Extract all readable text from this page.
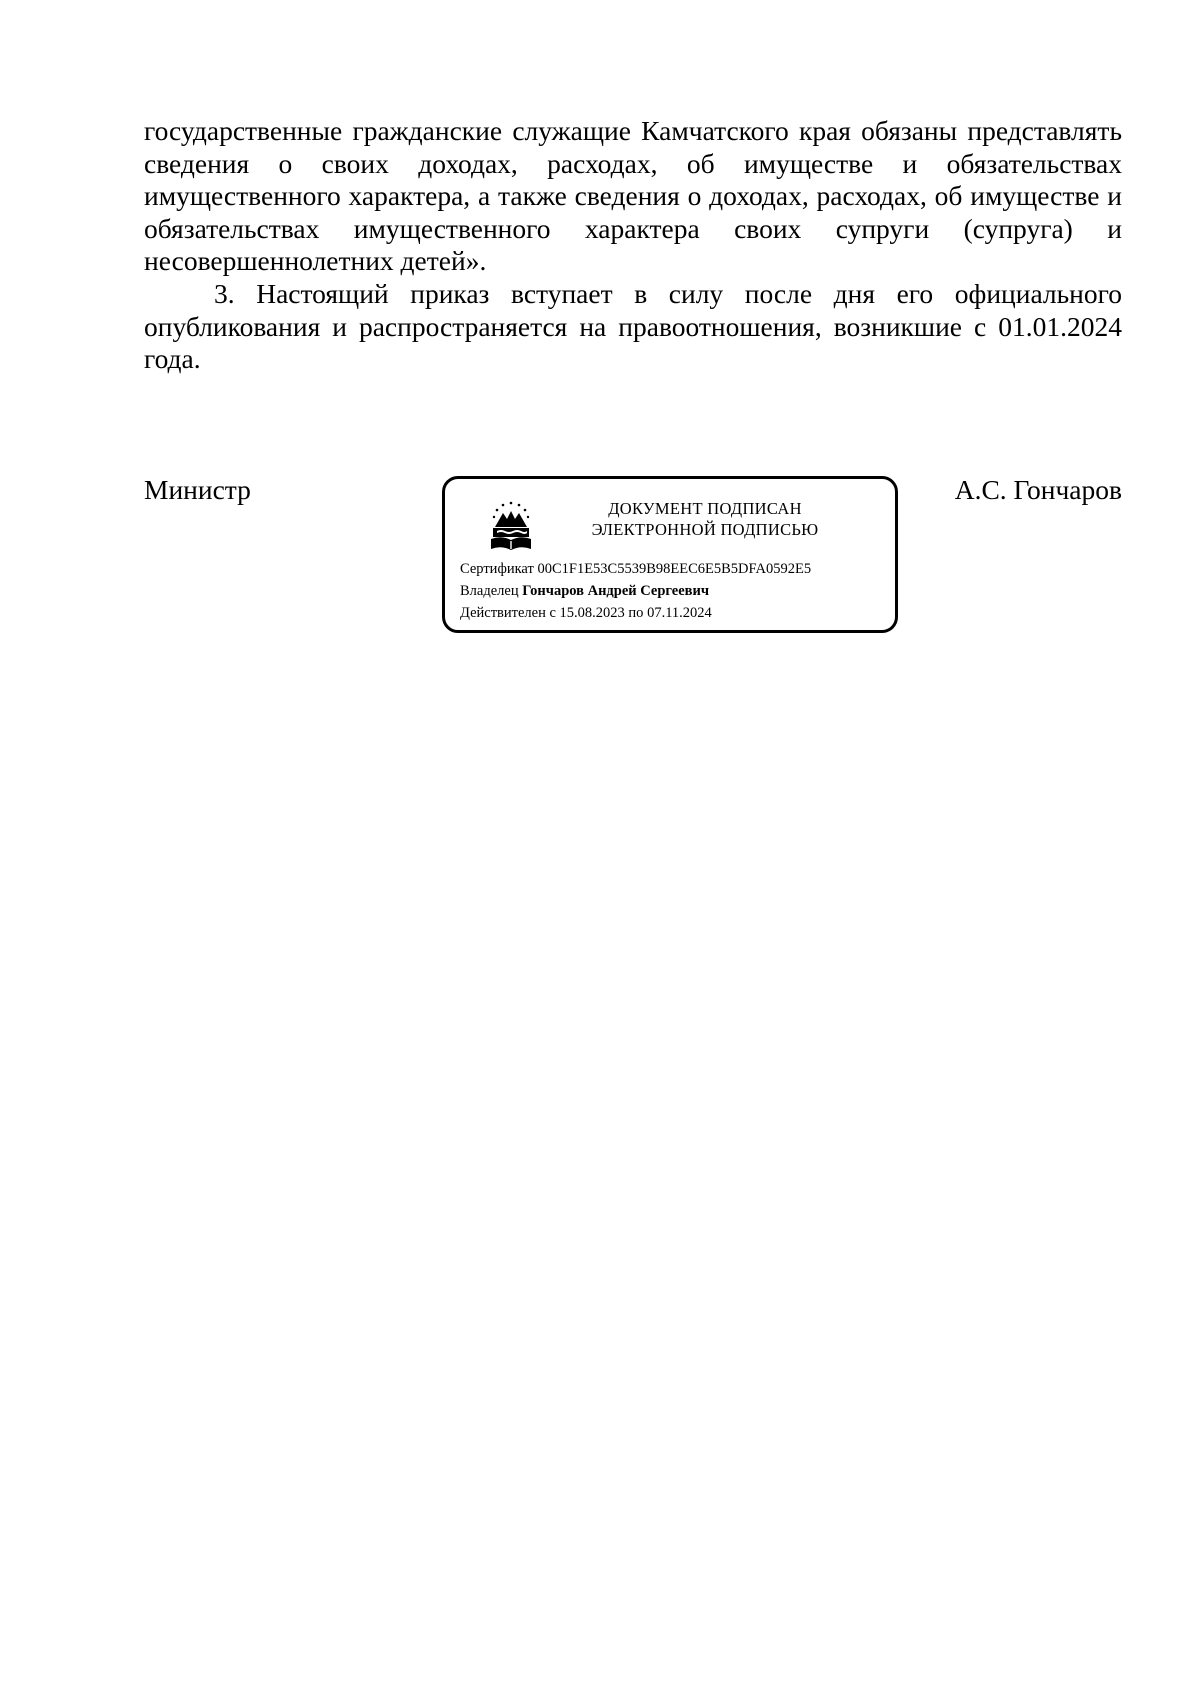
государственные гражданские служащие Камчатского края обязаны представлять сведения о своих доходах, расходах, об имуществе и обязательствах имущественного характера, а также сведения о доходах, расходах, об имуществе и обязательствах имущественного характера своих супруги (супруга) и несовершеннолетних детей».

3. Настоящий приказ вступает в силу после дня его официального опубликования и распространяется на правоотношения, возникшие с 01.01.2024 года.

Министр	А.С. Гончаров
ДОКУМЕНТ ПОДПИСАН
ЭЛЕКТРОННОЙ ПОДПИСЬЮ
Сертификат 00C1F1E53C5539B98EEC6E5B5DFA0592E5
Владелец Гончаров Андрей Сергеевич
Действителен с 15.08.2023 по 07.11.2024
